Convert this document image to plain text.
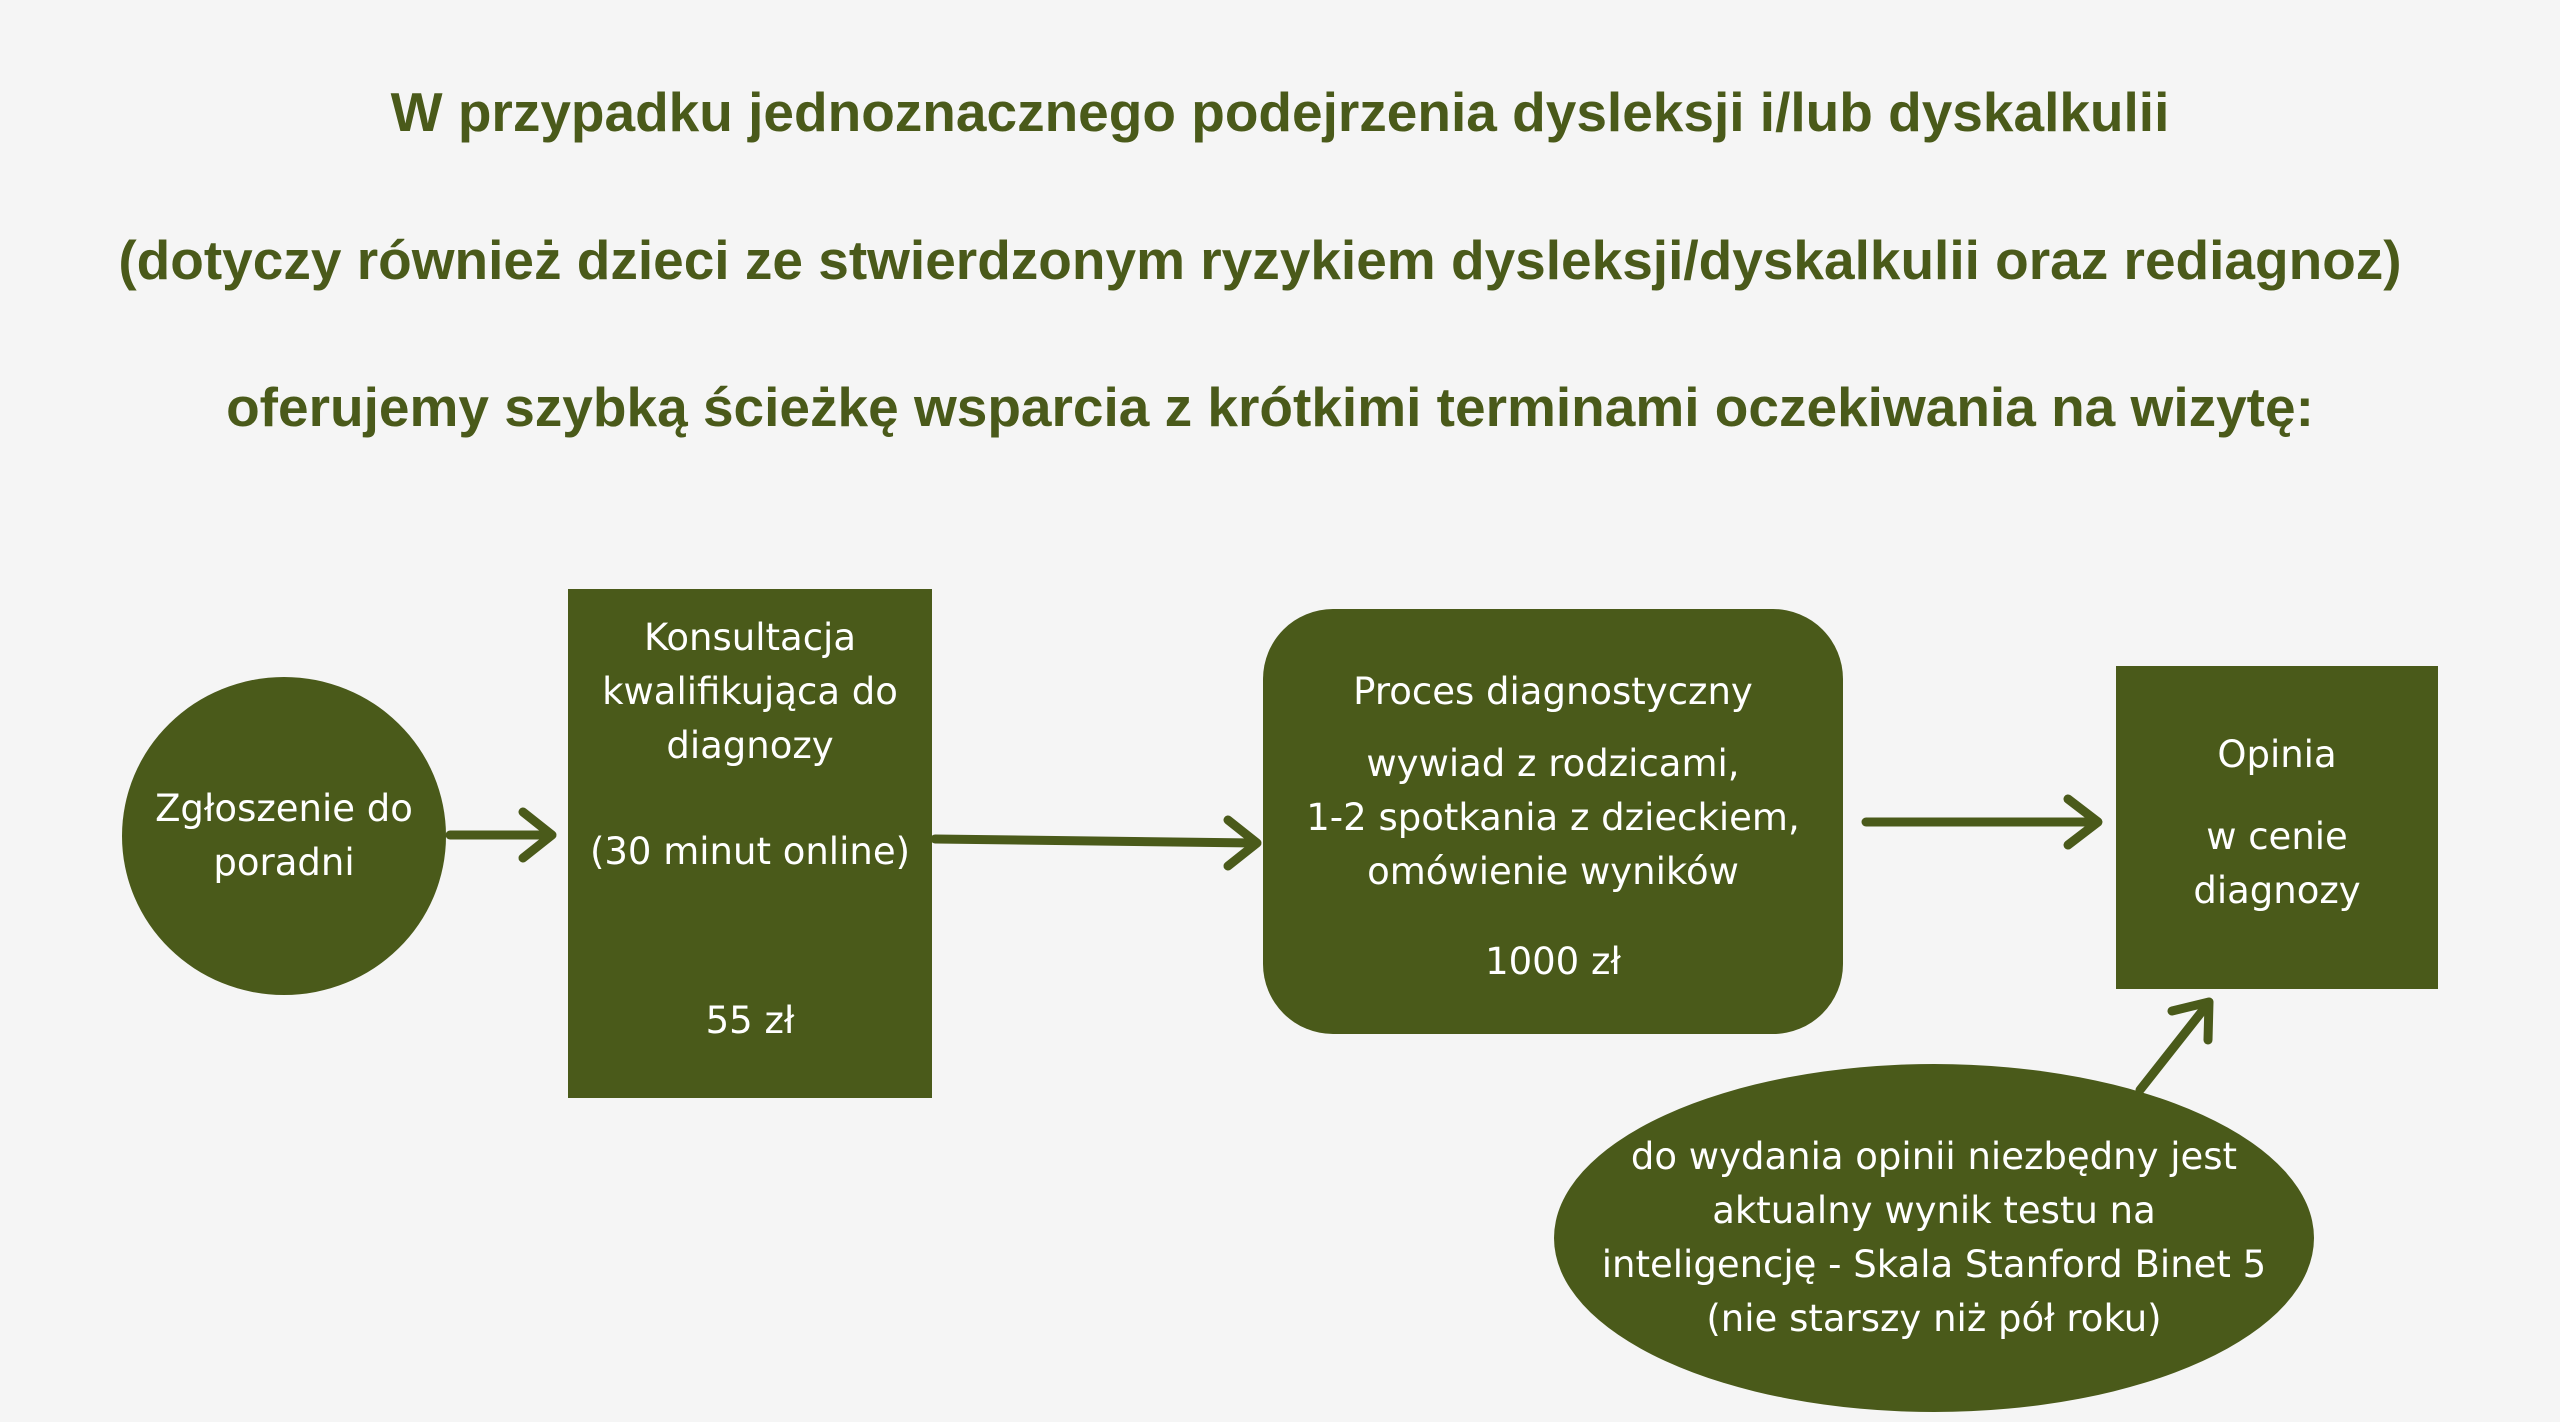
W przypadku jednoznacznego podejrzenia dysleksji i/lub dyskalkulii
(dotyczy również dzieci ze stwierdzonym ryzykiem dysleksji/dyskalkulii oraz rediagnoz)
oferujemy szybką ścieżkę wsparcia z krótkimi terminami oczekiwania na wizytę:
Zgłoszenie do
poradni
Konsultacja
kwalifikująca do
diagnozy
(30 minut online)
55 zł
Proces diagnostyczny
wywiad z rodzicami,
1-2 spotkania z dzieckiem,
omówienie wyników
1000 zł
Opinia
w cenie
diagnozy
do wydania opinii niezbędny jest
aktualny wynik testu na
inteligencję - Skala Stanford Binet 5
(nie starszy niż pół roku)
